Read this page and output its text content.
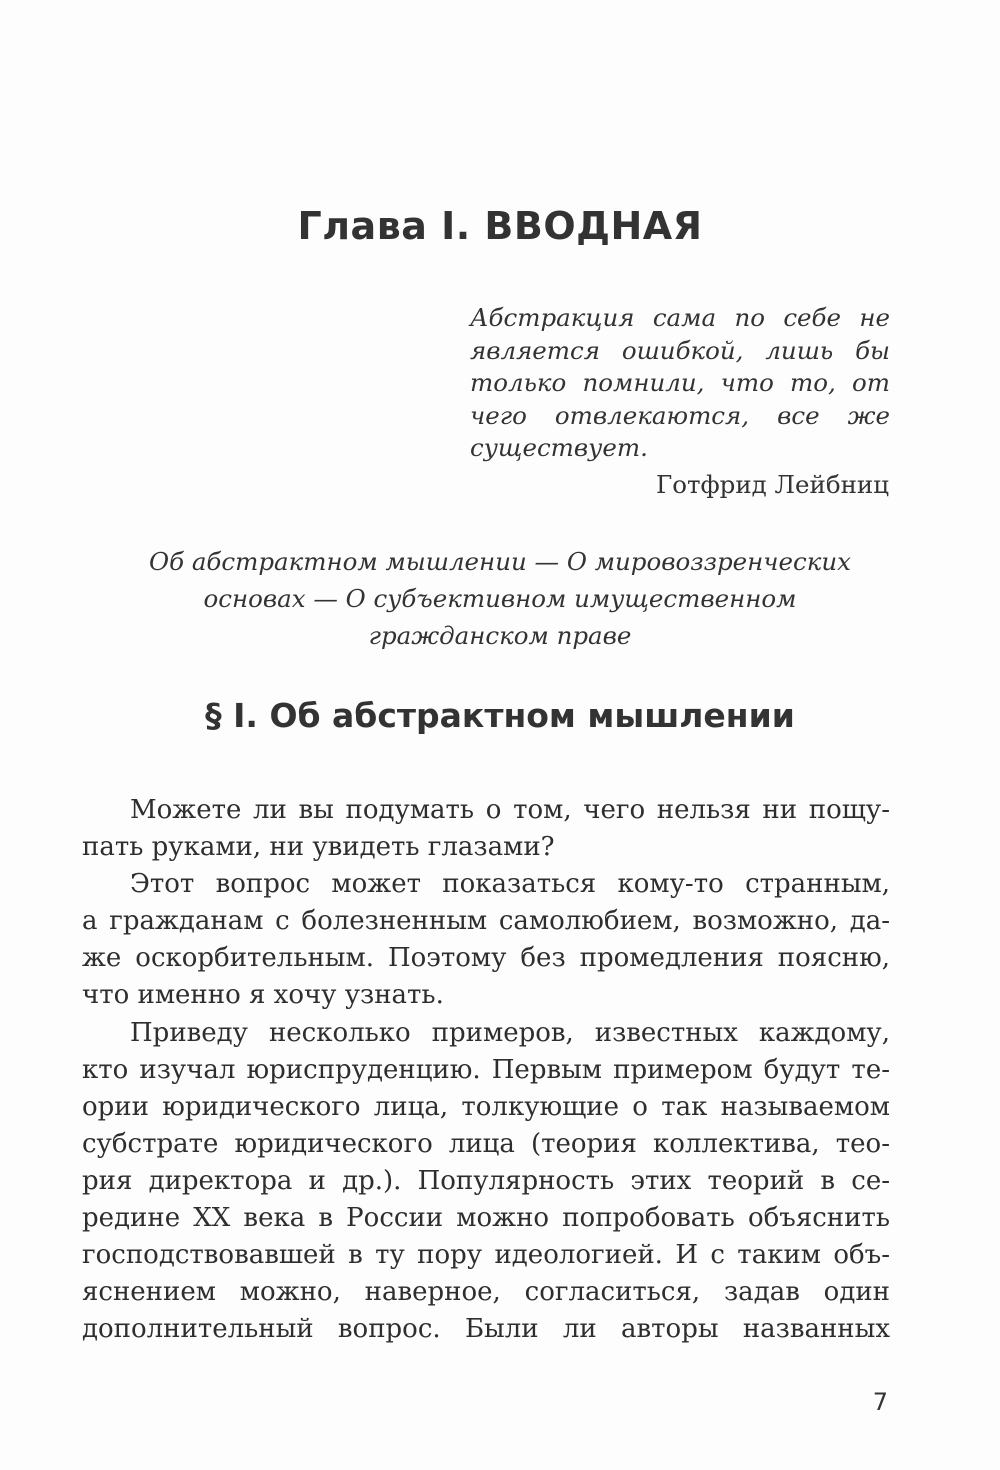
Глава I. ВВОДНАЯ
Абстракция сама по себе не является ошибкой, лишь бы только помнили, что то, от чего отвлекаются, все же существует.
Готфрид Лейбниц
Об абстрактном мышлении — О мировоззренческих основах — О субъективном имущественном гражданском праве
§ I. Об абстрактном мышлении
Можете ли вы подумать о том, чего нельзя ни пощу-
пать руками, ни увидеть глазами?
Этот вопрос может показаться кому-то странным,
а гражданам с болезненным самолюбием, возможно, да-
же оскорбительным. Поэтому без промедления поясню,
что именно я хочу узнать.
Приведу несколько примеров, известных каждому,
кто изучал юриспруденцию. Первым примером будут те-
ории юридического лица, толкующие о так называемом
субстрате юридического лица (теория коллектива, тео-
рия директора и др.). Популярность этих теорий в се-
редине XX века в России можно попробовать объяснить
господствовавшей в ту пору идеологией. И с таким объ-
яснением можно, наверное, согласиться, задав один
дополнительный вопрос. Были ли авторы названных
7
